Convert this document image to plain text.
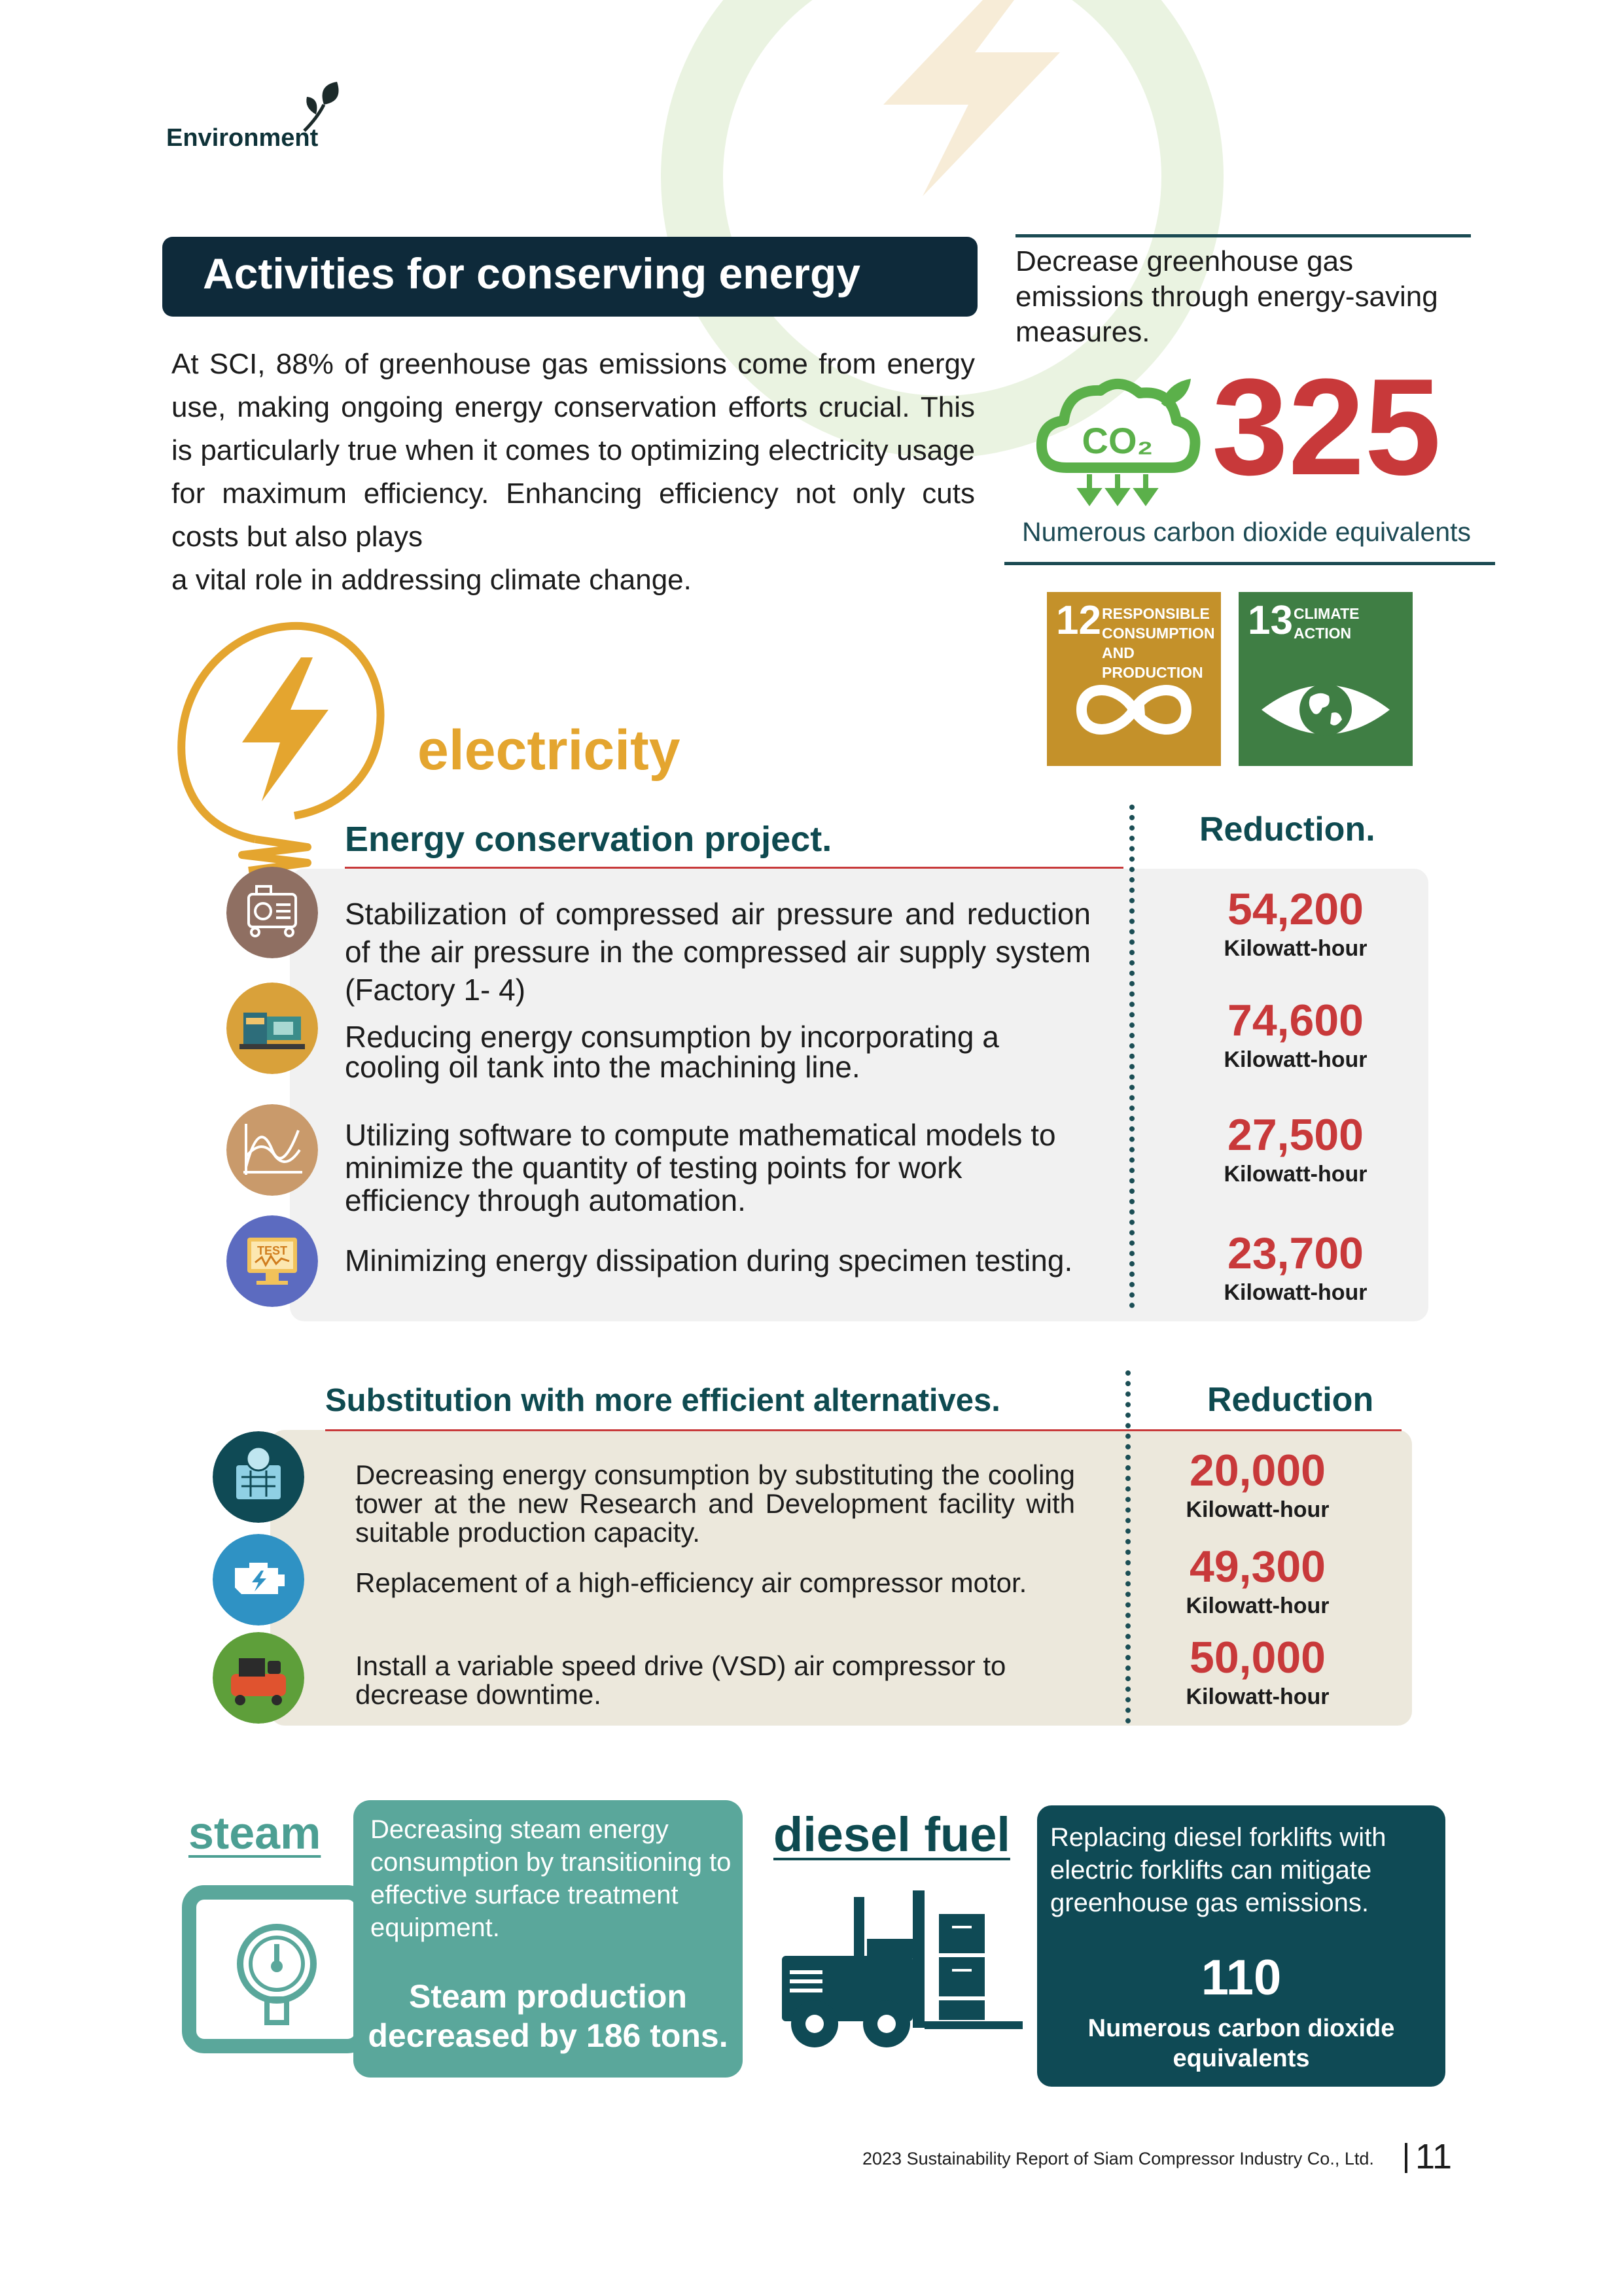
Environment
Activities for conserving energy

At SCI, 88% of greenhouse gas emissions come from energy use, making ongoing energy conservation efforts crucial. This is particularly true when it comes to optimizing electricity usage for maximum efficiency. Enhancing efficiency not only cuts costs but also plays

a vital role in addressing climate change.

Decrease greenhouse gas emissions through energy-saving measures.
CO₂ 325
Numerous carbon dioxide equivalents
12 RESPONSIBLE
CONSUMPTION
AND PRODUCTION
13 CLIMATE
ACTION
electricity
Energy conservation project.	Reduction.
TEST
Stabilization of compressed air pressure and reduction of the air pressure in the compressed air supply system (Factory 1- 4)
Reducing energy consumption by incorporating a cooling oil tank into the machining line.
Utilizing software to compute mathematical models to minimize the quantity of testing points for work efficiency through automation.
Minimizing energy dissipation during specimen testing.
54,200
Kilowatt-hour
74,600
Kilowatt-hour
27,500
Kilowatt-hour
23,700
Kilowatt-hour
Substitution with more efficient alternatives.	Reduction
Decreasing energy consumption by substituting the cooling tower at the new Research and Development facility with suitable production capacity.
Replacement of a high-efficiency air compressor motor.
Install a variable speed drive (VSD) air compressor to decrease downtime.
20,000
Kilowatt-hour
49,300
Kilowatt-hour
50,000
Kilowatt-hour
steam Decreasing steam energy consumption by transitioning to effective surface treatment equipment.
Steam production decreased by 186 tons.
diesel fuel Replacing diesel forklifts with electric forklifts can mitigate greenhouse gas emissions.
110
Numerous carbon dioxide equivalents
2023 Sustainability Report of Siam Compressor Industry Co., Ltd. 11
